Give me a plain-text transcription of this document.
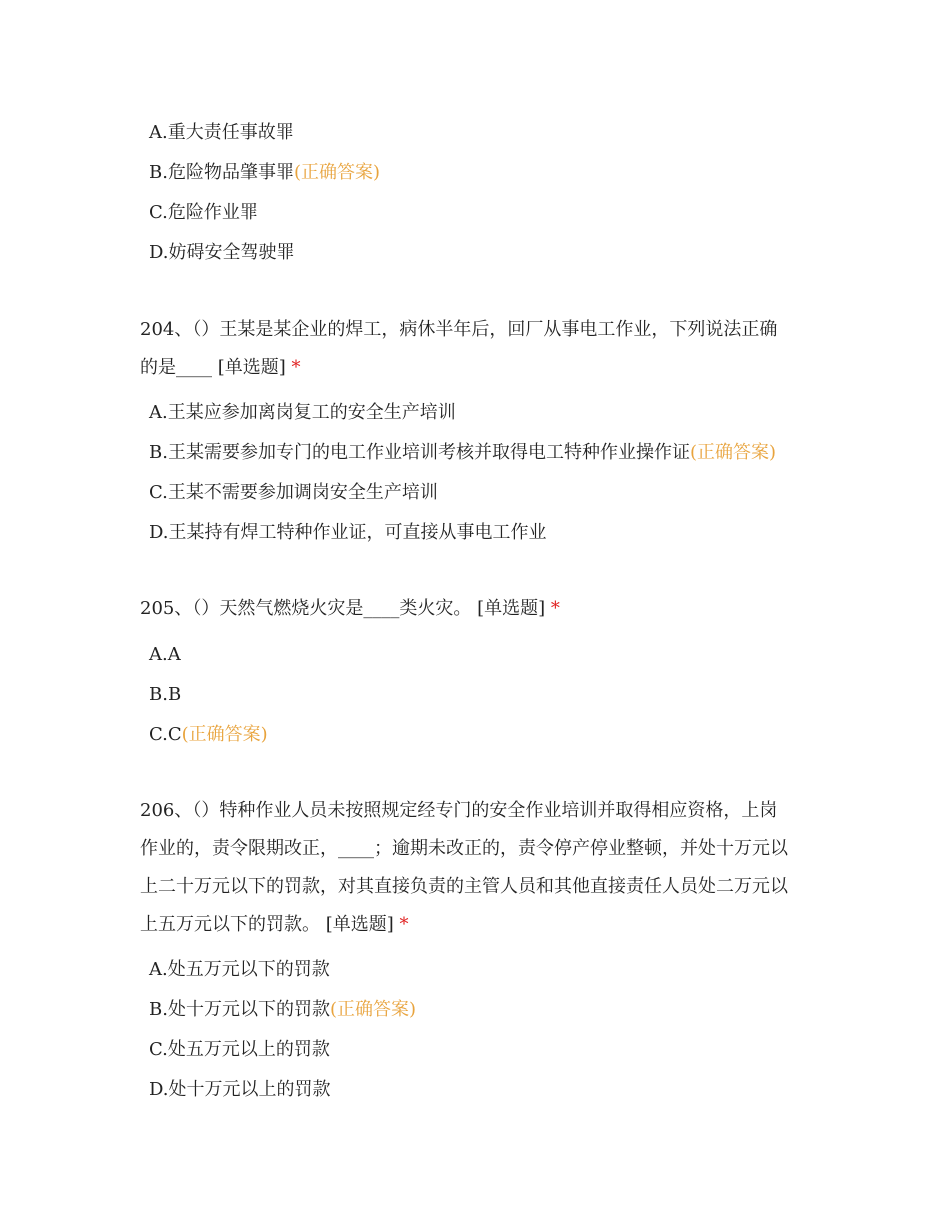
A.重大责任事故罪
B.危险物品肇事罪(正确答案)
C.危险作业罪
D.妨碍安全驾驶罪
204、（）王某是某企业的焊工，病休半年后，回厂从事电工作业，下列说法正确
的是____ [单选题] *
A.王某应参加离岗复工的安全生产培训
B.王某需要参加专门的电工作业培训考核并取得电工特种作业操作证(正确答案)
C.王某不需要参加调岗安全生产培训
D.王某持有焊工特种作业证，可直接从事电工作业
205、（）天然气燃烧火灾是____类火灾。 [单选题] *
A.A
B.B
C.C(正确答案)
206、（）特种作业人员未按照规定经专门的安全作业培训并取得相应资格，上岗
作业的，责令限期改正，____；逾期未改正的，责令停产停业整顿，并处十万元以
上二十万元以下的罚款，对其直接负责的主管人员和其他直接责任人员处二万元以
上五万元以下的罚款。 [单选题] *
A.处五万元以下的罚款
B.处十万元以下的罚款(正确答案)
C.处五万元以上的罚款
D.处十万元以上的罚款
